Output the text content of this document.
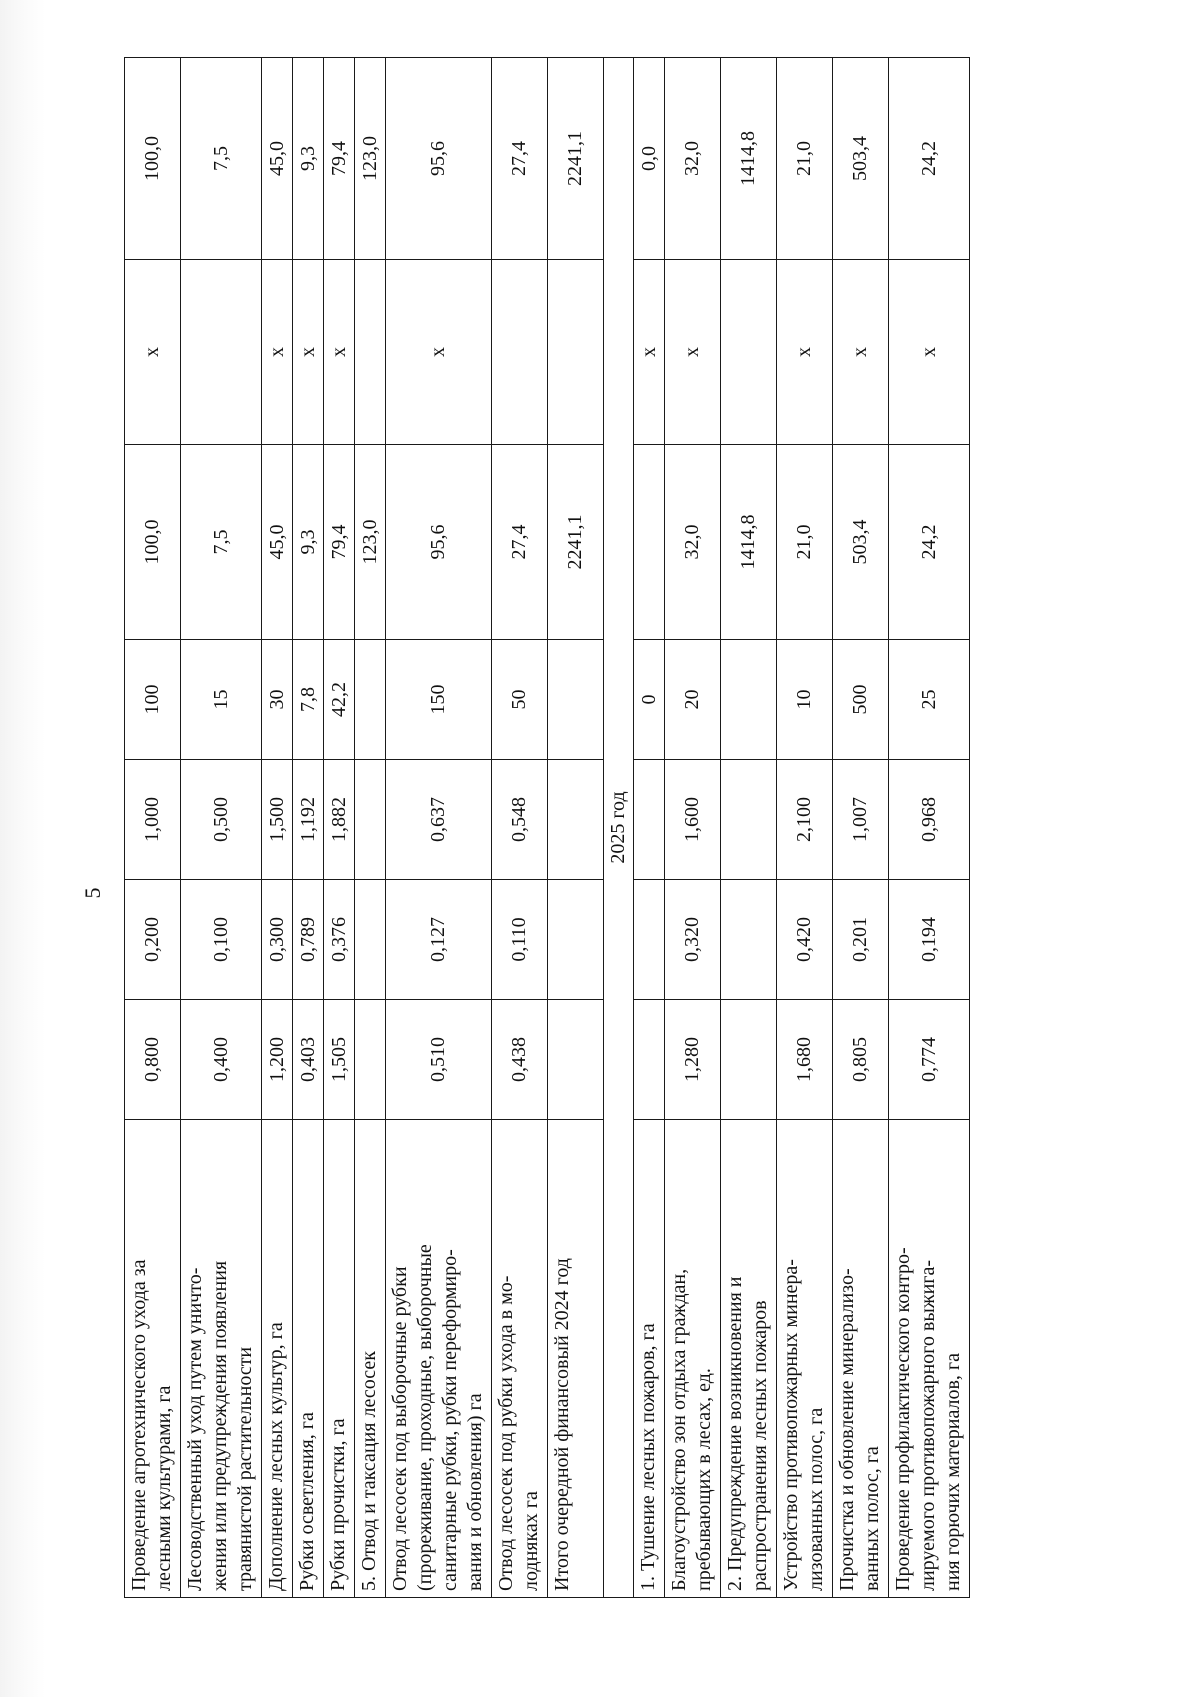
5
Проведение агротехнического ухода за
лесными культурами, га	0,800	0,200	1,000	100	100,0	х	100,0
Лесоводственный уход путем уничто-
жения или предупреждения появления
травянистой растительности	0,400	0,100	0,500	15	7,5		7,5
Дополнение лесных культур, га	1,200	0,300	1,500	30	45,0	х	45,0
Рубки осветления, га	0,403	0,789	1,192	7,8	9,3	х	9,3
Рубки прочистки, га	1,505	0,376	1,882	42,2	79,4	х	79,4
5. Отвод и таксация лесосек					123,0		123,0
Отвод лесосек под выборочные рубки
(прореживание, проходные, выборочные
санитарные рубки, рубки переформиро-
вания и обновления) га	0,510	0,127	0,637	150	95,6	х	95,6
Отвод лесосек под рубки ухода в мо-
лодняках га	0,438	0,110	0,548	50	27,4		27,4
Итого очередной финансовый 2024 год					2241,1		2241,1
2025 год							
1. Тушение лесных пожаров, га				0		х	0,0
Благоустройство зон отдыха граждан,
пребывающих в лесах, ед.	1,280	0,320	1,600	20	32,0	х	32,0
2. Предупреждение возникновения и
распространения лесных пожаров					1414,8		1414,8
Устройство противопожарных минера-
лизованных полос, га	1,680	0,420	2,100	10	21,0	х	21,0
Прочистка и обновление минерализо-
ванных полос, га	0,805	0,201	1,007	500	503,4	х	503,4
Проведение профилактического контро-
лируемого противопожарного выжига-
ния горючих материалов, га	0,774	0,194	0,968	25	24,2	х	24,2
